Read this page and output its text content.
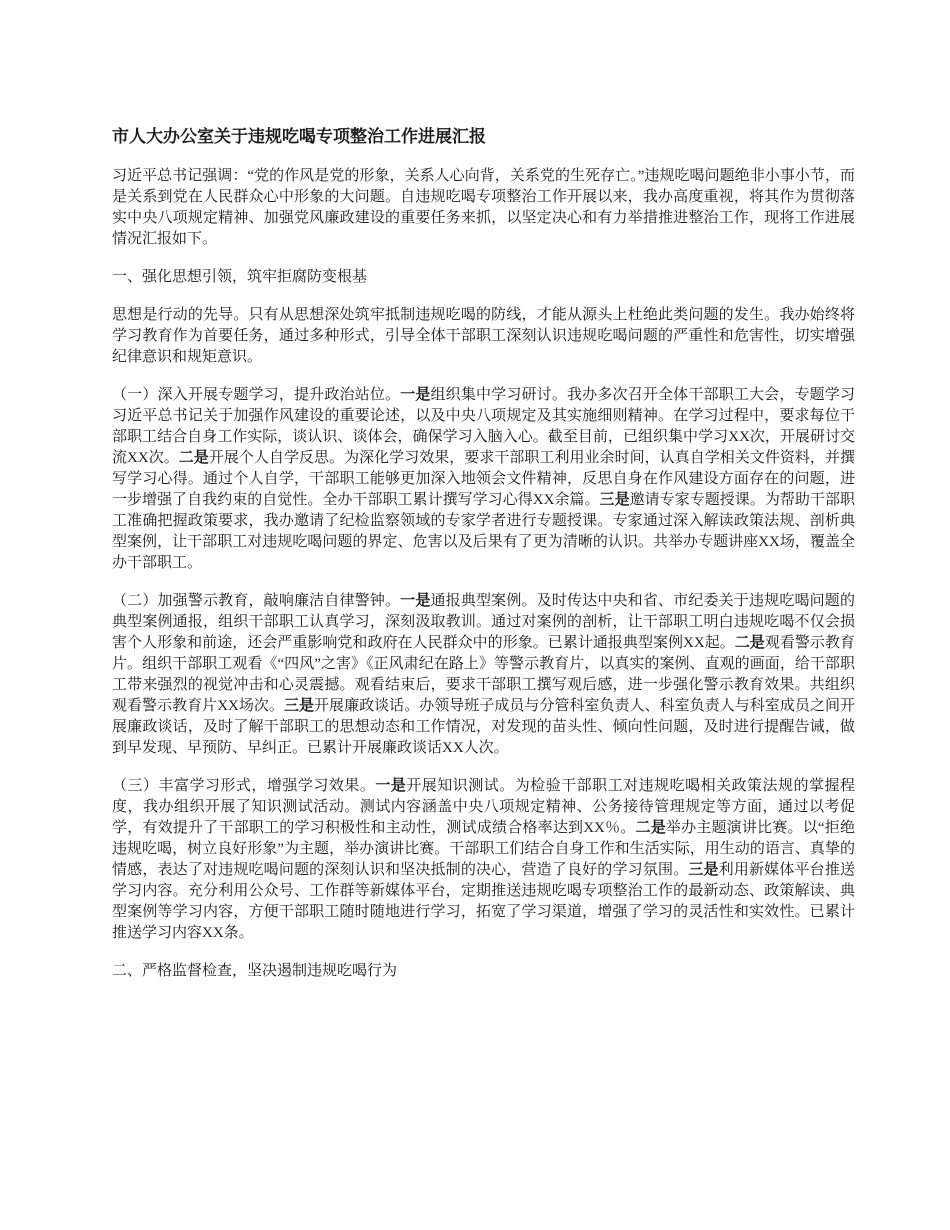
市人大办公室关于违规吃喝专项整治工作进展汇报

习近平总书记强调：“党的作风是党的形象，关系人心向背，关系党的生死存亡。”违规吃喝问题绝非小事小节，而是关系到党在人民群众心中形象的大问题。自违规吃喝专项整治工作开展以来，我办高度重视，将其作为贯彻落实中央八项规定精神、加强党风廉政建设的重要任务来抓，以坚定决心和有力举措推进整治工作，现将工作进展情况汇报如下。

一、强化思想引领，筑牢拒腐防变根基

思想是行动的先导。只有从思想深处筑牢抵制违规吃喝的防线，才能从源头上杜绝此类问题的发生。我办始终将学习教育作为首要任务，通过多种形式，引导全体干部职工深刻认识违规吃喝问题的严重性和危害性，切实增强纪律意识和规矩意识。

（一）深入开展专题学习，提升政治站位。一是组织集中学习研讨。我办多次召开全体干部职工大会，专题学习习近平总书记关于加强作风建设的重要论述，以及中央八项规定及其实施细则精神。在学习过程中，要求每位干部职工结合自身工作实际，谈认识、谈体会，确保学习入脑入心。截至目前，已组织集中学习XX次，开展研讨交流XX次。二是开展个人自学反思。为深化学习效果，要求干部职工利用业余时间，认真自学相关文件资料，并撰写学习心得。通过个人自学，干部职工能够更加深入地领会文件精神，反思自身在作风建设方面存在的问题，进一步增强了自我约束的自觉性。全办干部职工累计撰写学习心得XX余篇。三是邀请专家专题授课。为帮助干部职工准确把握政策要求，我办邀请了纪检监察领域的专家学者进行专题授课。专家通过深入解读政策法规、剖析典型案例，让干部职工对违规吃喝问题的界定、危害以及后果有了更为清晰的认识。共举办专题讲座XX场，覆盖全办干部职工。

（二）加强警示教育，敲响廉洁自律警钟。一是通报典型案例。及时传达中央和省、市纪委关于违规吃喝问题的典型案例通报，组织干部职工认真学习，深刻汲取教训。通过对案例的剖析，让干部职工明白违规吃喝不仅会损害个人形象和前途，还会严重影响党和政府在人民群众中的形象。已累计通报典型案例XX起。二是观看警示教育片。组织干部职工观看《“四风”之害》《正风肃纪在路上》等警示教育片，以真实的案例、直观的画面，给干部职工带来强烈的视觉冲击和心灵震撼。观看结束后，要求干部职工撰写观后感，进一步强化警示教育效果。共组织观看警示教育片XX场次。三是开展廉政谈话。办领导班子成员与分管科室负责人、科室负责人与科室成员之间开展廉政谈话，及时了解干部职工的思想动态和工作情况，对发现的苗头性、倾向性问题，及时进行提醒告诫，做到早发现、早预防、早纠正。已累计开展廉政谈话XX人次。

（三）丰富学习形式，增强学习效果。一是开展知识测试。为检验干部职工对违规吃喝相关政策法规的掌握程度，我办组织开展了知识测试活动。测试内容涵盖中央八项规定精神、公务接待管理规定等方面，通过以考促学，有效提升了干部职工的学习积极性和主动性，测试成绩合格率达到XX％。二是举办主题演讲比赛。以“拒绝违规吃喝，树立良好形象”为主题，举办演讲比赛。干部职工们结合自身工作和生活实际，用生动的语言、真挚的情感，表达了对违规吃喝问题的深刻认识和坚决抵制的决心，营造了良好的学习氛围。三是利用新媒体平台推送学习内容。充分利用公众号、工作群等新媒体平台，定期推送违规吃喝专项整治工作的最新动态、政策解读、典型案例等学习内容，方便干部职工随时随地进行学习，拓宽了学习渠道，增强了学习的灵活性和实效性。已累计推送学习内容XX条。

二、严格监督检查，坚决遏制违规吃喝行为
